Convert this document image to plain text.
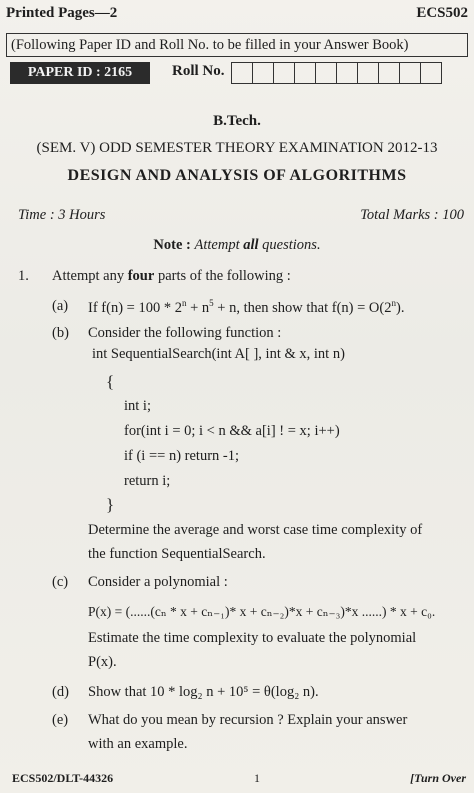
Printed Pages—2	ECS502
(Following Paper ID and Roll No. to be filled in your Answer Book)
PAPER ID : 2165	Roll No.
B.Tech.
(SEM. V) ODD SEMESTER THEORY EXAMINATION 2012-13
DESIGN AND ANALYSIS OF ALGORITHMS
Time : 3 Hours	Total Marks : 100
Note : Attempt all questions.
1. Attempt any four parts of the following :
(a) If $f(n) = 100 * 2^n + n^5 + n$, then show that $f(n) = O(2^n)$.
(b) Consider the following function :
int SequentialSearch(int A[ ], int & x, int n)
{
int i;
for(int i = 0; i < n && a[i] ! = x; i++)
if (i == n) return -1;
return i;
}
Determine the average and worst case time complexity of
the function SequentialSearch.
(c) Consider a polynomial :
P(x) = (......(cₙ * x + cₙ₋₁)* x + cₙ₋₂)*x + cₙ₋₃)*x ......) * x + c₀.
Estimate the time complexity to evaluate the polynomial
P(x).
(d) Show that 10 * log₂ n + 10⁵ = θ(log₂ n).
(e) What do you mean by recursion ? Explain your answer
with an example.
ECS502/DLT-44326	1	[Turn Over
